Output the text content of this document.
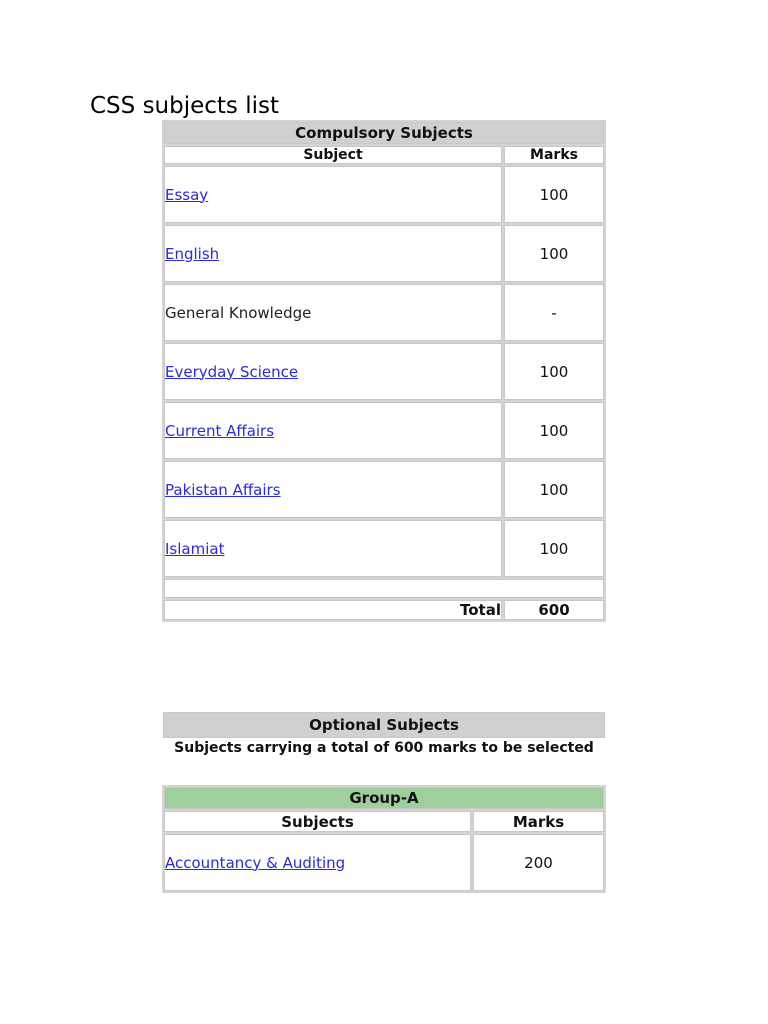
CSS subjects list
Compulsory Subjects	
Subject	Marks
Essay	100
English	100
General Knowledge	-
Everyday Science	100
Current Affairs	100
Pakistan Affairs	100
Islamiat	100

Total	600
Optional Subjects
Subjects carrying a total of 600 marks to be selected
Group-A	
Subjects	Marks
Accountancy & Auditing	200
